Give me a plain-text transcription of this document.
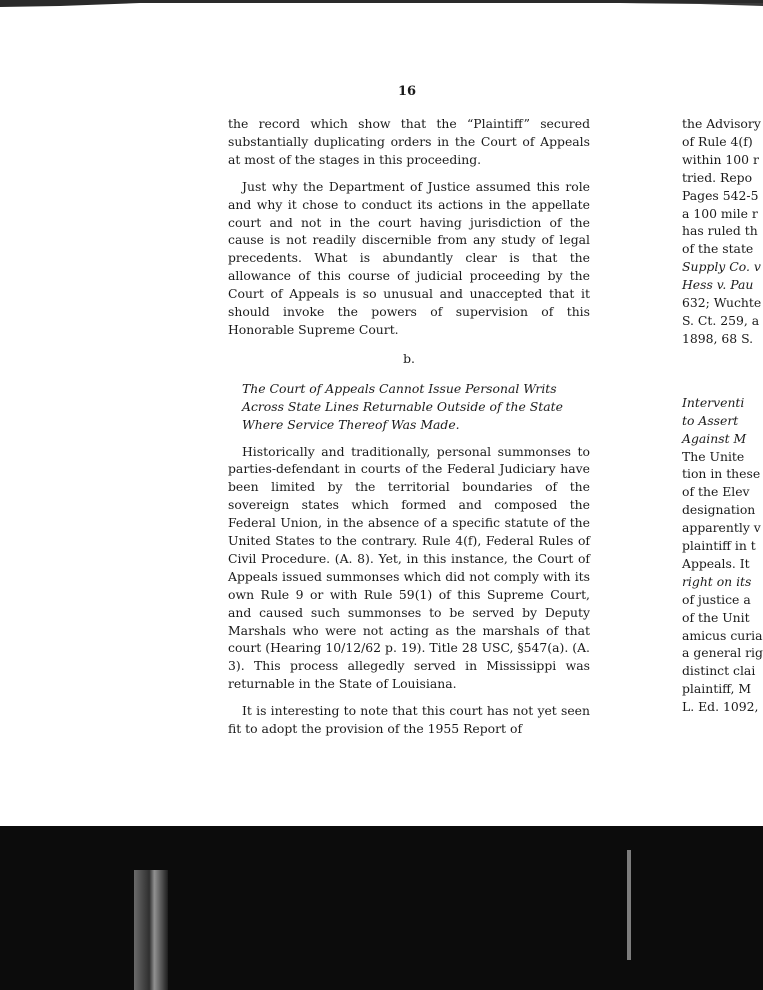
16

the record which show that the “Plaintiff” secured substantially duplicating orders in the Court of Appeals at most of the stages in this proceeding.

Just why the Department of Justice assumed this role and why it chose to conduct its actions in the appellate court and not in the court having jurisdiction of the cause is not readily discernible from any study of legal precedents. What is abundantly clear is that the allowance of this course of judicial proceeding by the Court of Appeals is so unusual and unaccepted that it should invoke the powers of supervision of this Honorable Supreme Court.

b.
The Court of Appeals Cannot Issue Personal Writs
Across State Lines Returnable Outside of the State
Where Service Thereof Was Made.

Historically and traditionally, personal summonses to parties-defendant in courts of the Federal Judiciary have been limited by the territorial boundaries of the sovereign states which formed and composed the Federal Union, in the absence of a specific statute of the United States to the contrary. Rule 4(f), Federal Rules of Civil Procedure. (A. 8). Yet, in this instance, the Court of Appeals issued summonses which did not comply with its own Rule 9 or with Rule 59(1) of this Supreme Court, and caused such summonses to be served by Deputy Marshals who were not acting as the marshals of that court (Hearing 10/12/62 p. 19). Title 28 USC, §547(a). (A. 3). This process allegedly served in Mississippi was returnable in the State of Louisiana.

It is interesting to note that this court has not yet seen fit to adopt the provision of the 1955 Report of

the Advisory
of Rule 4(f)
within 100 r
tried. Repo
Pages 542-5
a 100 mile r
has ruled th
of the state
Supply Co. v
Hess v. Pau
632; Wuchte
S. Ct. 259, a
1898, 68 S.
Interventi
to Assert
Against M
The Unite
tion in these
of the Elev
designation
apparently v
plaintiff in t
Appeals. It
right on its
of justice a
of the Unit
amicus curia
a general rig
distinct clai
plaintiff, M
L. Ed. 1092,
